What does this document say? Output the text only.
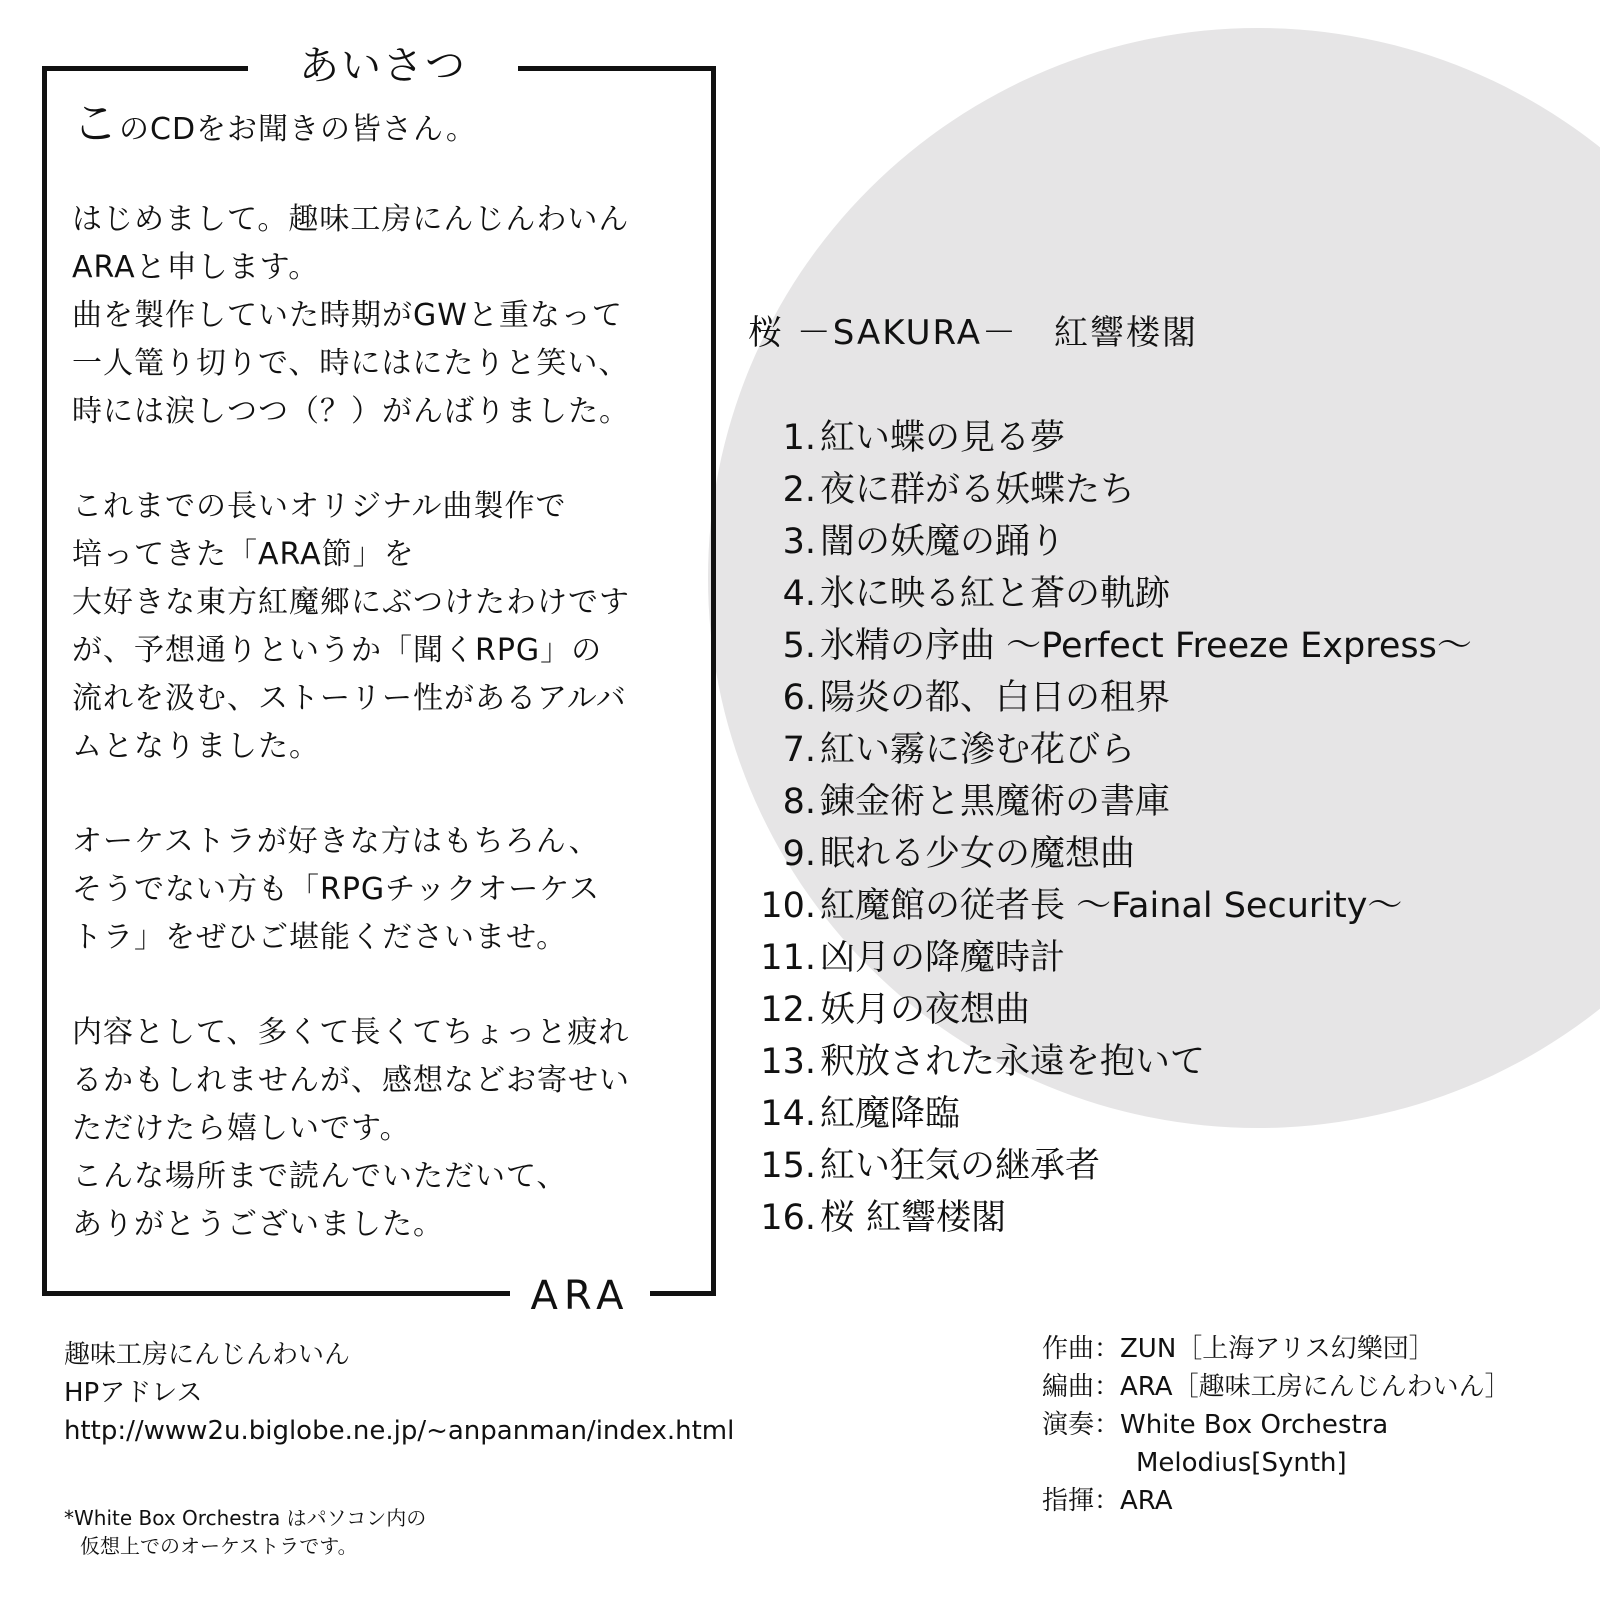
あいさつ
ARA
このCDをお聞きの皆さん。
はじめまして。趣味工房にんじんわいん
ARAと申します。
曲を製作していた時期がGWと重なって
一人篭り切りで、時にはにたりと笑い、
時には涙しつつ（？）がんばりました。
これまでの長いオリジナル曲製作で
培ってきた「ARA節」を
大好きな東方紅魔郷にぶつけたわけです
が、予想通りというか「聞くRPG」の
流れを汲む、ストーリー性があるアルバ
ムとなりました。
オーケストラが好きな方はもちろん、
そうでない方も「RPGチックオーケス
トラ」をぜひご堪能くださいませ。
内容として、多くて長くてちょっと疲れ
るかもしれませんが、感想などお寄せい
ただけたら嬉しいです。
こんな場所まで読んでいただいて、
ありがとうございました。
桜 －SAKURA－　紅響楼閣
1. 紅い蝶の見る夢
2. 夜に群がる妖蝶たち
3. 闇の妖魔の踊り
4. 氷に映る紅と蒼の軌跡
5. 氷精の序曲 ～Perfect Freeze Express～
6. 陽炎の都、白日の租界
7. 紅い霧に滲む花びら
8. 錬金術と黒魔術の書庫
9. 眠れる少女の魔想曲
10. 紅魔館の従者長 ～Fainal Security～
11. 凶月の降魔時計
12. 妖月の夜想曲
13. 釈放された永遠を抱いて
14. 紅魔降臨
15. 紅い狂気の継承者
16. 桜 紅響楼閣
趣味工房にんじんわいん
HPアドレス
http://www2u.biglobe.ne.jp/~anpanman/index.html
作曲：ZUN［上海アリス幻樂団］
編曲：ARA［趣味工房にんじんわいん］
演奏：White Box Orchestra
Melodius[Synth]
指揮：ARA
*White Box Orchestra はパソコン内の
仮想上でのオーケストラです。
